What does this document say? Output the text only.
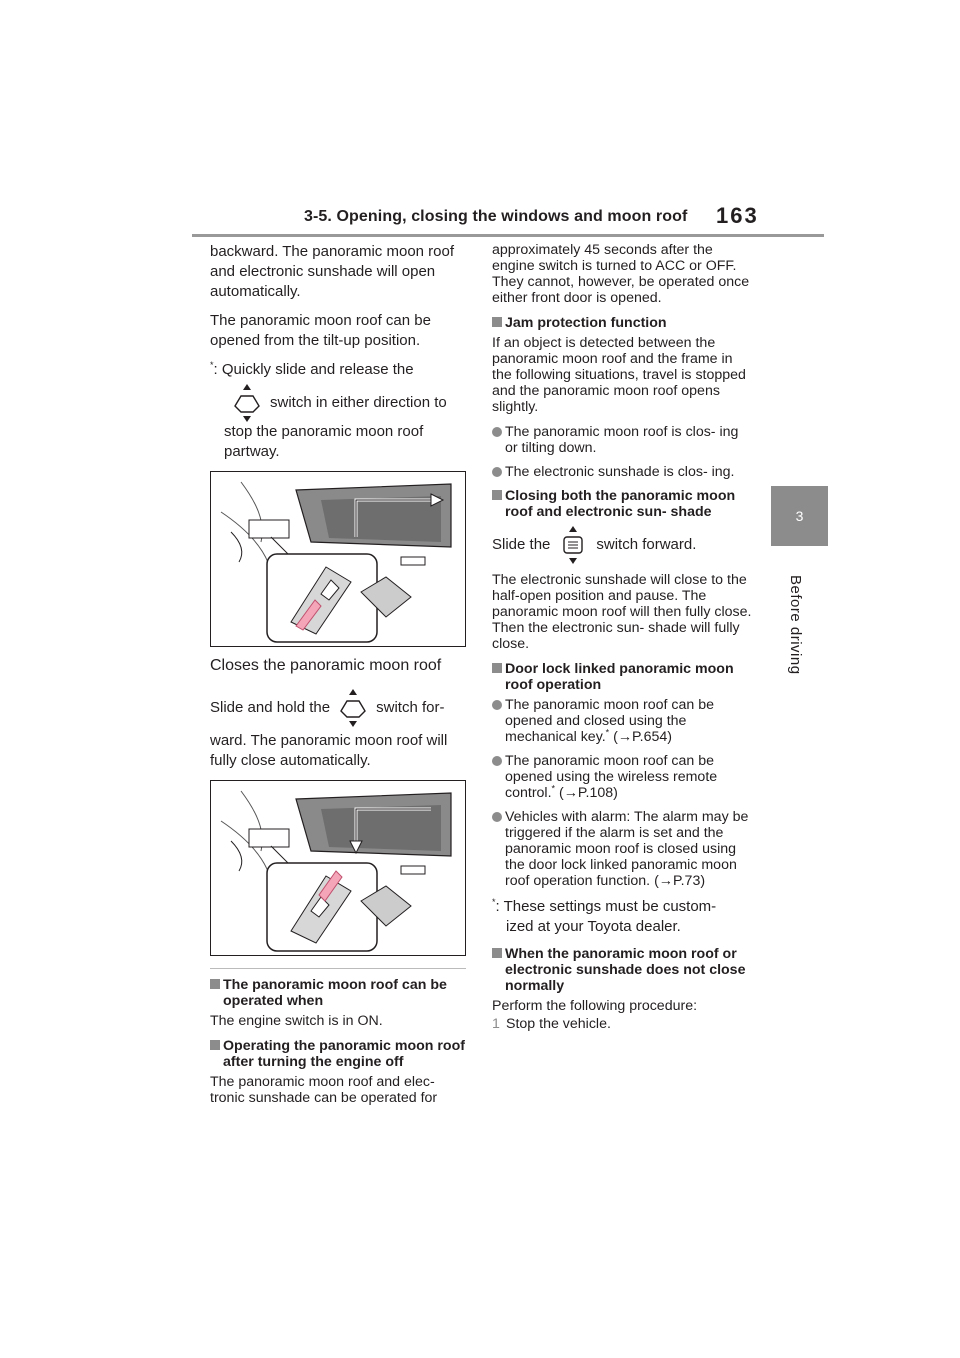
3-5. Opening, closing the windows and moon roof 163
3
Before driving
backward. The panoramic moon roof and electronic sunshade will open automatically.
The panoramic moon roof can be opened from the tilt-up position.
*: Quickly slide and release the
switch in either direction to
stop the panoramic moon roof partway.
Closes the panoramic moon roof
Slide and hold the	switch for-
ward. The panoramic moon roof will fully close automatically.
The panoramic moon roof can be operated when
The engine switch is in ON.
Operating the panoramic moon roof after turning the engine off
The panoramic moon roof and elec- tronic sunshade can be operated for
approximately 45 seconds after the engine switch is turned to ACC or OFF. They cannot, however, be operated once either front door is opened.
Jam protection function
If an object is detected between the panoramic moon roof and the frame in the following situations, travel is stopped and the panoramic moon roof opens slightly.
The panoramic moon roof is clos- ing or tilting down.
The electronic sunshade is clos- ing.
Closing both the panoramic moon roof and electronic sun- shade
Slide the	switch forward.
The electronic sunshade will close to the half-open position and pause. The panoramic moon roof will then fully close. Then the electronic sun- shade will fully close.
Door lock linked panoramic moon roof operation
The panoramic moon roof can be opened and closed using the mechanical key.* (→P.654)
The panoramic moon roof can be opened using the wireless remote control.* (→P.108)
Vehicles with alarm: The alarm may be triggered if the alarm is set and the panoramic moon roof is closed using the door lock linked panoramic moon roof operation function. (→P.73)
*: These settings must be custom-
ized at your Toyota dealer.
When the panoramic moon roof or electronic sunshade does not close normally
Perform the following procedure:
1 Stop the vehicle.
